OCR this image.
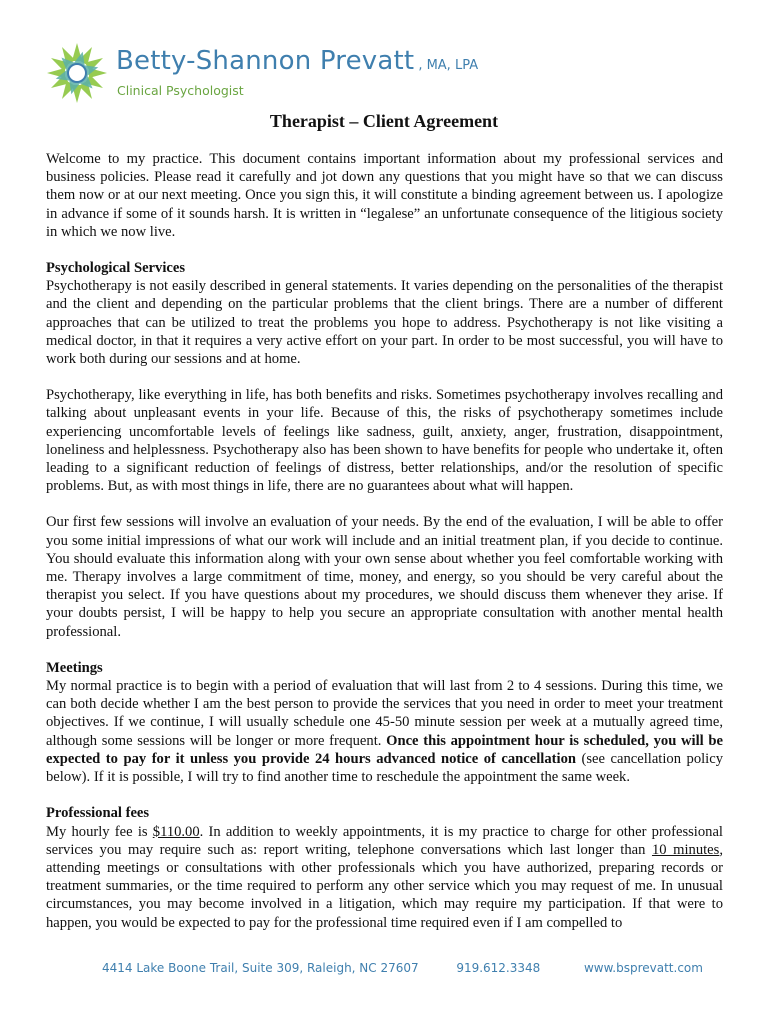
Betty-Shannon Prevatt , MA, LPA
Clinical Psychologist
Therapist – Client Agreement

Welcome to my practice. This document contains important information about my professional services and business policies. Please read it carefully and jot down any questions that you might have so that we can discuss them now or at our next meeting. Once you sign this, it will constitute a binding agreement between us. I apologize in advance if some of it sounds harsh. It is written in “legalese” an unfortunate consequence of the litigious society in which we now live.

Psychological Services

Psychotherapy is not easily described in general statements. It varies depending on the personalities of the therapist and the client and depending on the particular problems that the client brings. There are a number of different approaches that can be utilized to treat the problems you hope to address. Psychotherapy is not like visiting a medical doctor, in that it requires a very active effort on your part. In order to be most successful, you will have to work both during our sessions and at home.

Psychotherapy, like everything in life, has both benefits and risks. Sometimes psychotherapy involves recalling and talking about unpleasant events in your life. Because of this, the risks of psychotherapy sometimes include experiencing uncomfortable levels of feelings like sadness, guilt, anxiety, anger, frustration, disappointment, loneliness and helplessness. Psychotherapy also has been shown to have benefits for people who undertake it, often leading to a significant reduction of feelings of distress, better relationships, and/or the resolution of specific problems. But, as with most things in life, there are no guarantees about what will happen.

Our first few sessions will involve an evaluation of your needs. By the end of the evaluation, I will be able to offer you some initial impressions of what our work will include and an initial treatment plan, if you decide to continue. You should evaluate this information along with your own sense about whether you feel comfortable working with me. Therapy involves a large commitment of time, money, and energy, so you should be very careful about the therapist you select. If you have questions about my procedures, we should discuss them whenever they arise. If your doubts persist, I will be happy to help you secure an appropriate consultation with another mental health professional.

Meetings

My normal practice is to begin with a period of evaluation that will last from 2 to 4 sessions. During this time, we can both decide whether I am the best person to provide the services that you need in order to meet your treatment objectives. If we continue, I will usually schedule one 45-50 minute session per week at a mutually agreed time, although some sessions will be longer or more frequent. Once this appointment hour is scheduled, you will be expected to pay for it unless you provide 24 hours advanced notice of cancellation (see cancellation policy below). If it is possible, I will try to find another time to reschedule the appointment the same week.

Professional fees

My hourly fee is $110.00. In addition to weekly appointments, it is my practice to charge for other professional services you may require such as: report writing, telephone conversations which last longer than 10 minutes, attending meetings or consultations with other professionals which you have authorized, preparing records or treatment summaries, or the time required to perform any other service which you may request of me. In unusual circumstances, you may become involved in a litigation, which may require my participation. If that were to happen, you would be expected to pay for the professional time required even if I am compelled to

4414 Lake Boone Trail, Suite 309, Raleigh, NC 27607	919.612.3348	www.bsprevatt.com
